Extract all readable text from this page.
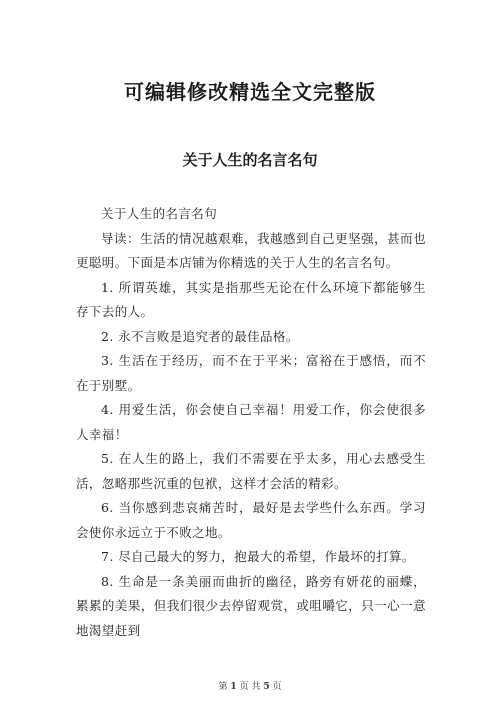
可编辑修改精选全文完整版
关于人生的名言名句

关于人生的名言名句

导读：生活的情况越艰难，我越感到自己更坚强，甚而也更聪明。下面是本店铺为你精选的关于人生的名言名句。

1. 所谓英雄，其实是指那些无论在什么环境下都能够生存下去的人。

2. 永不言败是追究者的最佳品格。

3. 生活在于经历，而不在于平米；富裕在于感悟，而不在于别墅。

4. 用爱生活，你会使自己幸福！用爱工作，你会使很多人幸福！

5. 在人生的路上，我们不需要在乎太多，用心去感受生活，忽略那些沉重的包袱，这样才会活的精彩。

6. 当你感到悲哀痛苦时，最好是去学些什么东西。学习会使你永远立于不败之地。

7. 尽自己最大的努力，抱最大的希望，作最坏的打算。

8. 生命是一条美丽而曲折的幽径，路旁有妍花的丽蝶，累累的美果，但我们很少去停留观赏，或咀嚼它，只一心一意地渴望赶到

第 1 页 共 5 页
